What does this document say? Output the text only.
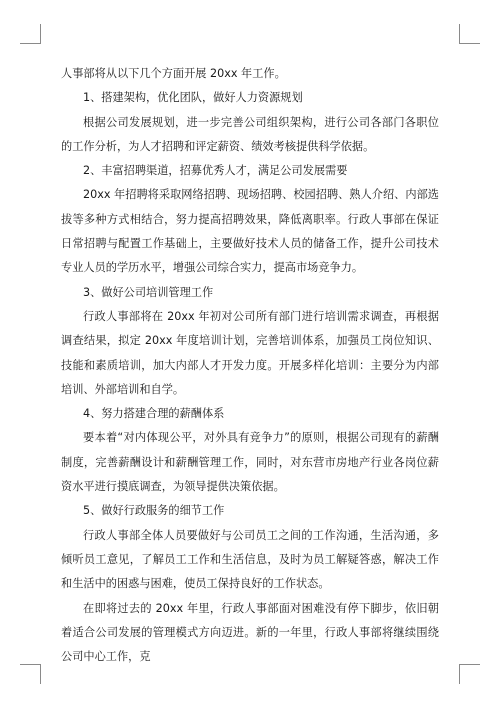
人事部将从以下几个方面开展 20xx 年工作。

1、搭建架构，优化团队，做好人力资源规划

根据公司发展规划，进一步完善公司组织架构，进行公司各部门各职位的工作分析，为人才招聘和评定薪资、绩效考核提供科学依据。

2、丰富招聘渠道，招募优秀人才，满足公司发展需要

20xx 年招聘将采取网络招聘、现场招聘、校园招聘、熟人介绍、内部选拔等多种方式相结合，努力提高招聘效果，降低离职率。行政人事部在保证日常招聘与配置工作基础上，主要做好技术人员的储备工作，提升公司技术专业人员的学历水平，增强公司综合实力，提高市场竞争力。

3、做好公司培训管理工作

行政人事部将在 20xx 年初对公司所有部门进行培训需求调查，再根据调查结果，拟定 20xx 年度培训计划，完善培训体系，加强员工岗位知识、技能和素质培训，加大内部人才开发力度。开展多样化培训：主要分为内部培训、外部培训和自学。

4、努力搭建合理的薪酬体系

要本着“对内体现公平，对外具有竞争力”的原则，根据公司现有的薪酬制度，完善薪酬设计和薪酬管理工作，同时，对东营市房地产行业各岗位薪资水平进行摸底调查，为领导提供决策依据。

5、做好行政服务的细节工作

行政人事部全体人员要做好与公司员工之间的工作沟通，生活沟通，多倾听员工意见，了解员工工作和生活信息，及时为员工解疑答惑，解决工作和生活中的困惑与困难，使员工保持良好的工作状态。

在即将过去的 20xx 年里，行政人事部面对困难没有停下脚步，依旧朝着适合公司发展的管理模式方向迈进。新的一年里，行政人事部将继续围绕公司中心工作，克
